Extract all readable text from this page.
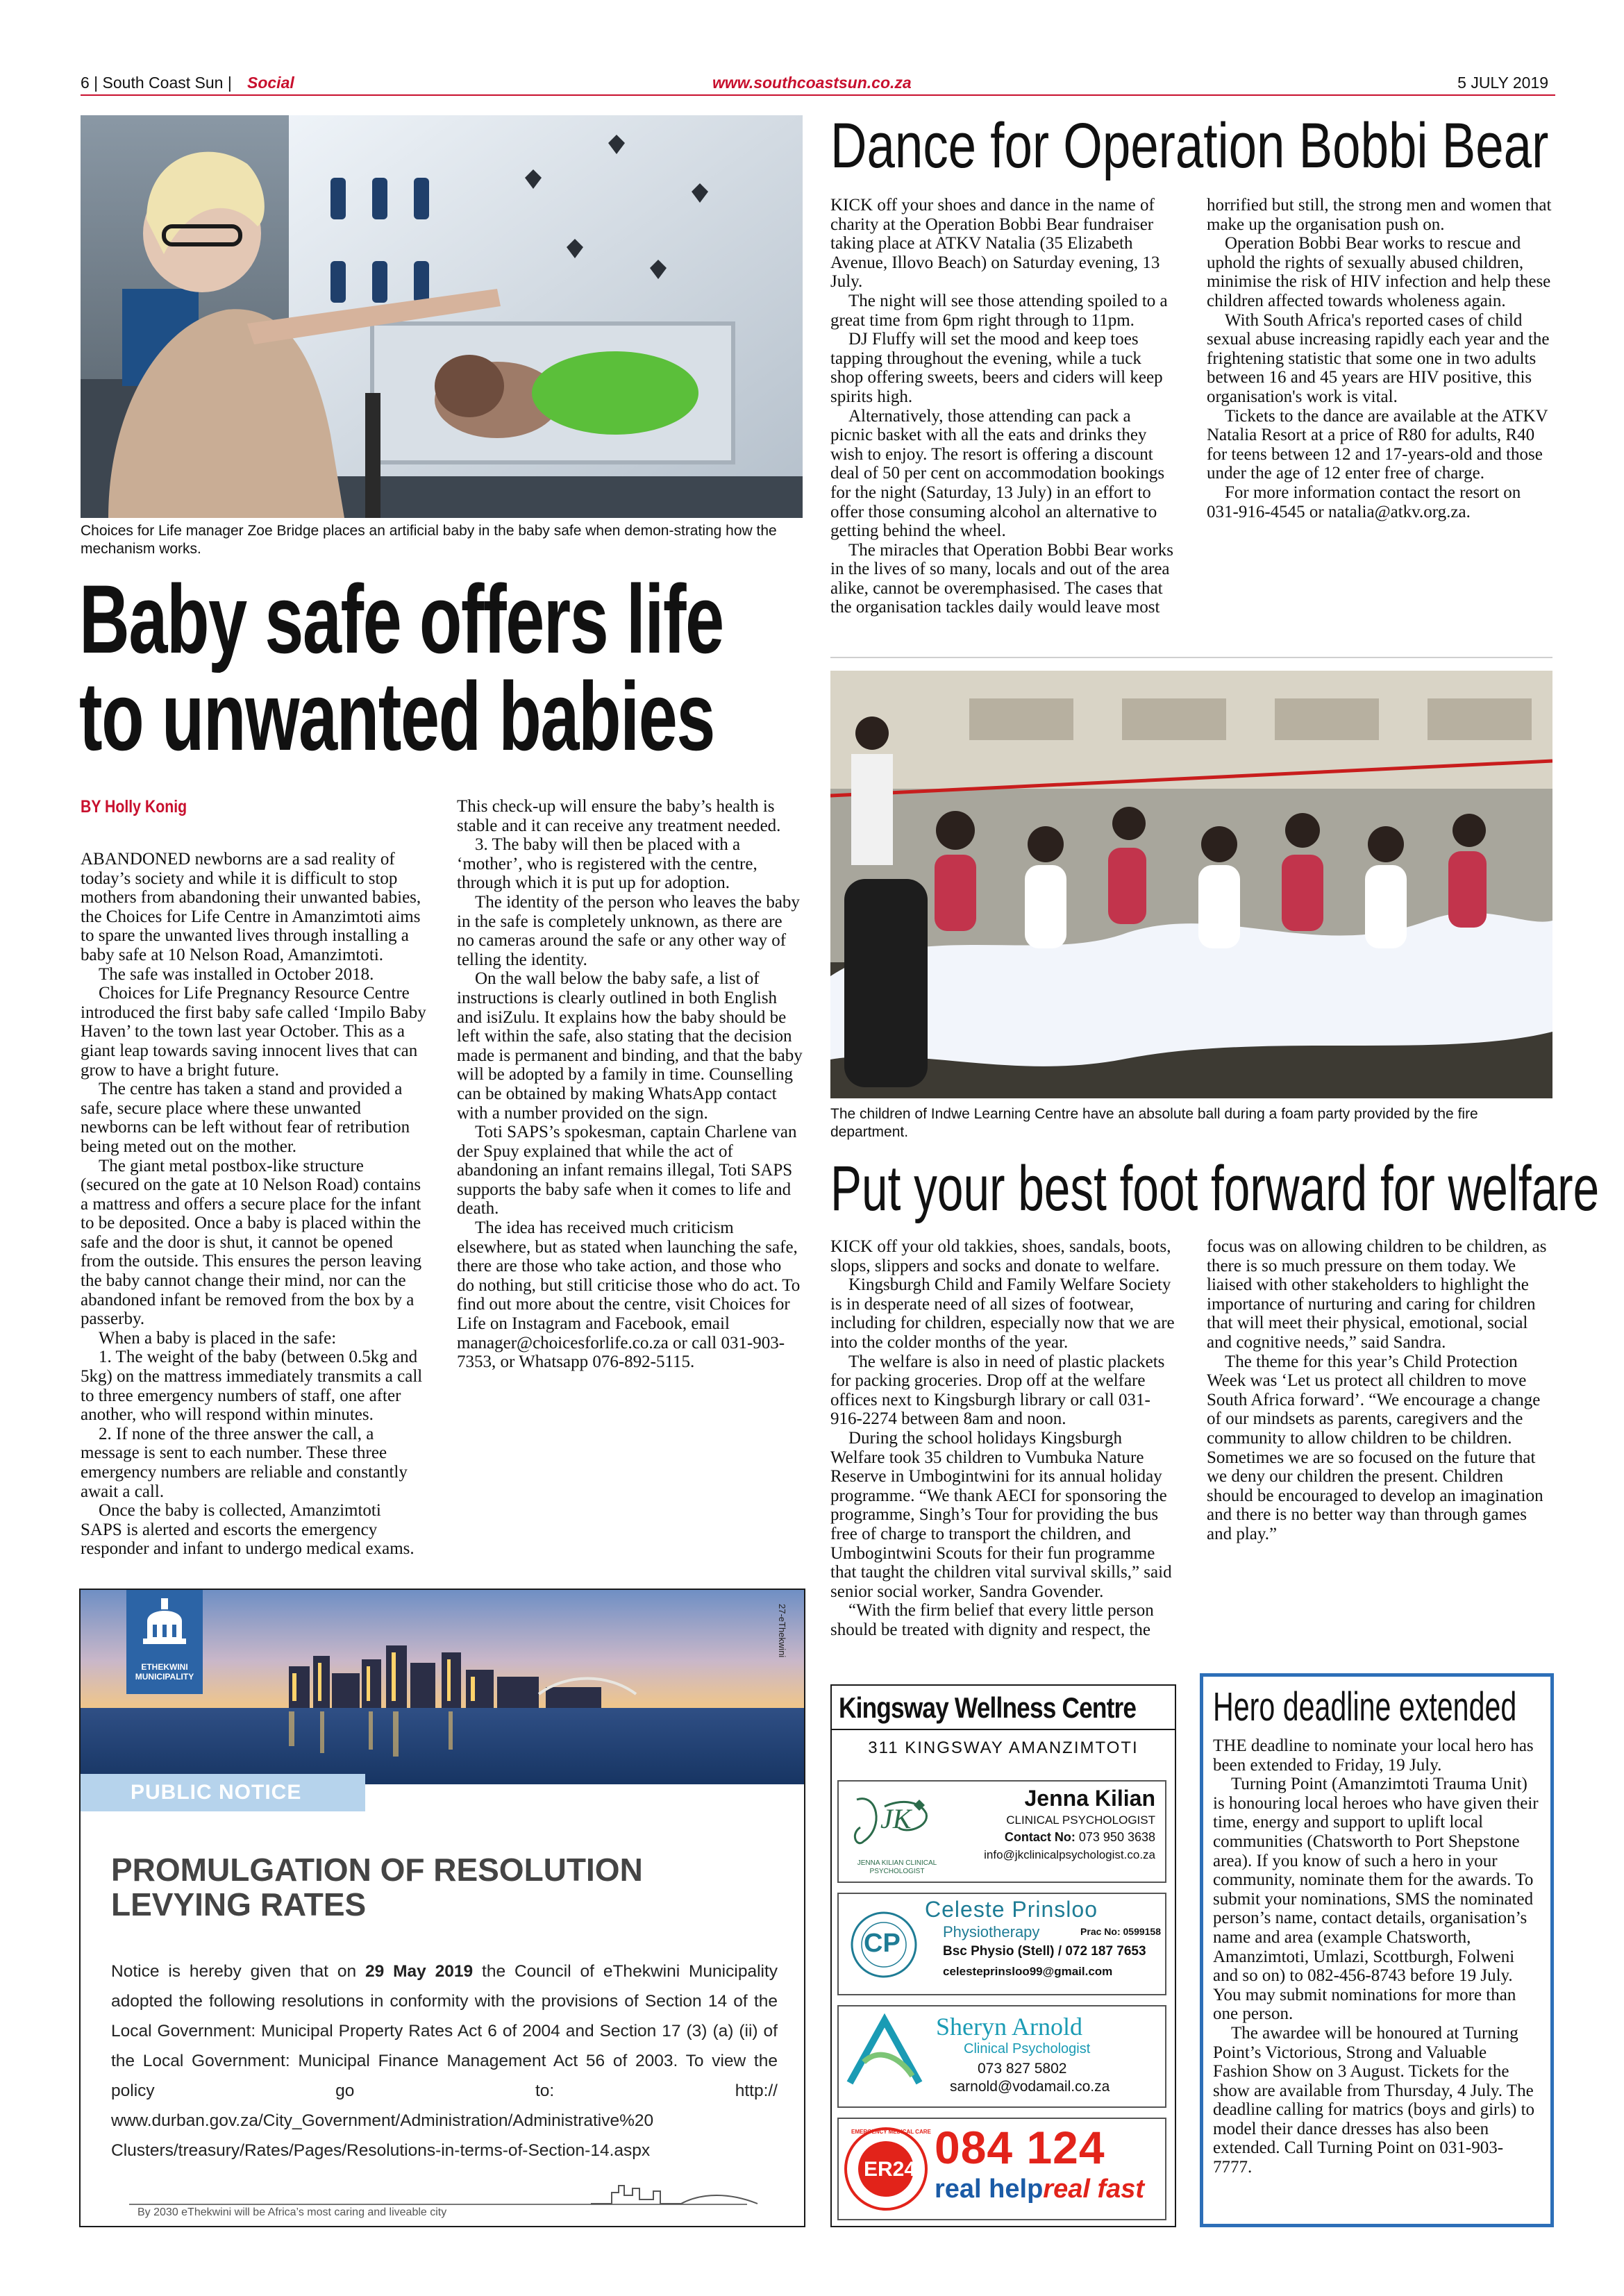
6 | South Coast Sun | Social	www.southcoastsun.co.za	5 JULY 2019
Choices for Life manager Zoe Bridge places an artificial baby in the baby safe when demon-strating how the mechanism works.
Baby safe offers life
to unwanted babies
BY Holly Konig

ABANDONED newborns are a sad reality of today’s society and while it is difficult to stop mothers from abandoning their unwanted babies, the Choices for Life Centre in Amanzimtoti aims to spare the unwanted lives through installing a baby safe at 10 Nelson Road, Amanzimtoti.

The safe was installed in October 2018.

Choices for Life Pregnancy Resource Centre introduced the first baby safe called ‘Impilo Baby Haven’ to the town last year October. This as a giant leap towards saving innocent lives that can grow to have a bright future.

The centre has taken a stand and provided a safe, secure place where these unwanted newborns can be left without fear of retribution being meted out on the mother.

The giant metal postbox-like structure (secured on the gate at 10 Nelson Road) contains a mattress and offers a secure place for the infant to be deposited. Once a baby is placed within the safe and the door is shut, it cannot be opened from the outside. This ensures the person leaving the baby cannot change their mind, nor can the abandoned infant be removed from the box by a passerby.

When a baby is placed in the safe:

1. The weight of the baby (between 0.5kg and 5kg) on the mattress immediately transmits a call to three emergency numbers of staff, one after another, who will respond within minutes.

2. If none of the three answer the call, a message is sent to each number. These three emergency numbers are reliable and constantly await a call.

Once the baby is collected, Amanzimtoti SAPS is alerted and escorts the emergency responder and infant to undergo medical exams. This check-up will ensure the baby’s health is stable and it can receive any treatment needed.

3. The baby will then be placed with a ‘mother’, who is registered with the centre, through which it is put up for adoption.

The identity of the person who leaves the baby in the safe is completely unknown, as there are no cameras around the safe or any other way of telling the identity.

On the wall below the baby safe, a list of instructions is clearly outlined in both English and isiZulu. It explains how the baby should be left within the safe, also stating that the decision made is permanent and binding, and that the baby will be adopted by a family in time. Counselling can be obtained by making WhatsApp contact with a number provided on the sign.

Toti SAPS’s spokesman, captain Charlene van der Spuy explained that while the act of abandoning an infant remains illegal, Toti SAPS supports the baby safe when it comes to life and death.

The idea has received much criticism elsewhere, but as stated when launching the safe, there are those who take action, and those who do nothing, but still criticise those who do act. To find out more about the centre, visit Choices for Life on Instagram and Facebook, email manager@choicesforlife.co.za or call 031-903-7353, or Whatsapp 076-892-5115.

Dance for Operation Bobbi Bear

KICK off your shoes and dance in the name of charity at the Operation Bobbi Bear fundraiser taking place at ATKV Natalia (35 Elizabeth Avenue, Illovo Beach) on Saturday evening, 13 July.

The night will see those attending spoiled to a great time from 6pm right through to 11pm.

DJ Fluffy will set the mood and keep toes tapping throughout the evening, while a tuck shop offering sweets, beers and ciders will keep spirits high.

Alternatively, those attending can pack a picnic basket with all the eats and drinks they wish to enjoy. The resort is offering a discount deal of 50 per cent on accommodation bookings for the night (Saturday, 13 July) in an effort to offer those consuming alcohol an alternative to getting behind the wheel.

The miracles that Operation Bobbi Bear works in the lives of so many, locals and out of the area alike, cannot be overemphasised. The cases that the organisation tackles daily would leave most horrified but still, the strong men and women that make up the organisation push on.

Operation Bobbi Bear works to rescue and uphold the rights of sexually abused children, minimise the risk of HIV infection and help these children affected towards wholeness again.

With South Africa's reported cases of child sexual abuse increasing rapidly each year and the frightening statistic that some one in two adults between 16 and 45 years are HIV positive, this organisation's work is vital.

Tickets to the dance are available at the ATKV Natalia Resort at a price of R80 for adults, R40 for teens between 12 and 17-years-old and those under the age of 12 enter free of charge.

For more information contact the resort on 031-916-4545 or natalia@atkv.org.za.

The children of Indwe Learning Centre have an absolute ball during a foam party provided by the fire department.
Put your best foot forward for welfare

KICK off your old takkies, shoes, sandals, boots, slops, slippers and socks and donate to welfare.

Kingsburgh Child and Family Welfare Society is in desperate need of all sizes of footwear, including for children, especially now that we are into the colder months of the year.

The welfare is also in need of plastic plackets for packing groceries. Drop off at the welfare offices next to Kingsburgh library or call 031-916-2274 between 8am and noon.

During the school holidays Kingsburgh Welfare took 35 children to Vumbuka Nature Reserve in Umbogintwini for its annual holiday programme. “We thank AECI for sponsoring the programme, Singh’s Tour for providing the bus free of charge to transport the children, and Umbogintwini Scouts for their fun programme that taught the children vital survival skills,” said senior social worker, Sandra Govender.

“With the firm belief that every little person should be treated with dignity and respect, the focus was on allowing children to be children, as there is so much pressure on them today. We liaised with other stakeholders to highlight the importance of nurturing and caring for children that will meet their physical, emotional, social and cognitive needs,” said Sandra.

The theme for this year’s Child Protection Week was ‘Let us protect all children to move South Africa forward’. “We encourage a change of our mindsets as parents, caregivers and the community to allow children to be children. Sometimes we are so focused on the future that we deny our children the present. Children should be encouraged to develop an imagination and there is no better way than through games and play.”

ETHEKWINI MUNICIPALITY
27-eThekwini
PUBLIC NOTICE
PROMULGATION OF RESOLUTION
LEVYING RATES
Notice is hereby given that on 29 May 2019 the Council of eThekwini Municipality adopted the following resolutions in conformity with the provisions of Section 14 of the Local Government: Municipal Property Rates Act 6 of 2004 and Section 17 (3) (a) (ii) of the Local Government: Municipal Finance Management Act 56 of 2003. To view the policy go to: http:// www.durban.gov.za/City_Government/Administration/Administrative%20 Clusters/treasury/Rates/Pages/Resolutions-in-terms-of-Section-14.aspx
By 2030 eThekwini will be Africa’s most caring and liveable city
Kingsway Wellness Centre
311 KINGSWAY AMANZIMTOTI
JK
JENNA KILIAN CLINICAL PSYCHOLOGIST
Jenna Kilian
CLINICAL PSYCHOLOGIST
Contact No: 073 950 3638
info@jkclinicalpsychologist.co.za
CP
Celeste Prinsloo
Physiotherapy	Prac No: 0599158
Bsc Physio (Stell) / 072 187 7653
celesteprinsloo99@gmail.com
Sheryn Arnold
Clinical Psychologist
073 827 5802
sarnold@vodamail.co.za
EMERGENCY MEDICAL CARE
ER24 084 124
real helpreal fast
Hero deadline extended

THE deadline to nominate your local hero has been extended to Friday, 19 July.

Turning Point (Amanzimtoti Trauma Unit) is honouring local heroes who have given their time, energy and support to uplift local communities (Chatsworth to Port Shepstone area). If you know of such a hero in your community, nominate them for the awards. To submit your nominations, SMS the nominated person’s name, contact details, organisation’s name and area (example Chatsworth, Amanzimtoti, Umlazi, Scottburgh, Folweni and so on) to 082-456-8743 before 19 July. You may submit nominations for more than one person.

The awardee will be honoured at Turning Point’s Victorious, Strong and Valuable Fashion Show on 3 August. Tickets for the show are available from Thursday, 4 July. The deadline calling for matrics (boys and girls) to model their dance dresses has also been extended. Call Turning Point on 031-903-7777.
